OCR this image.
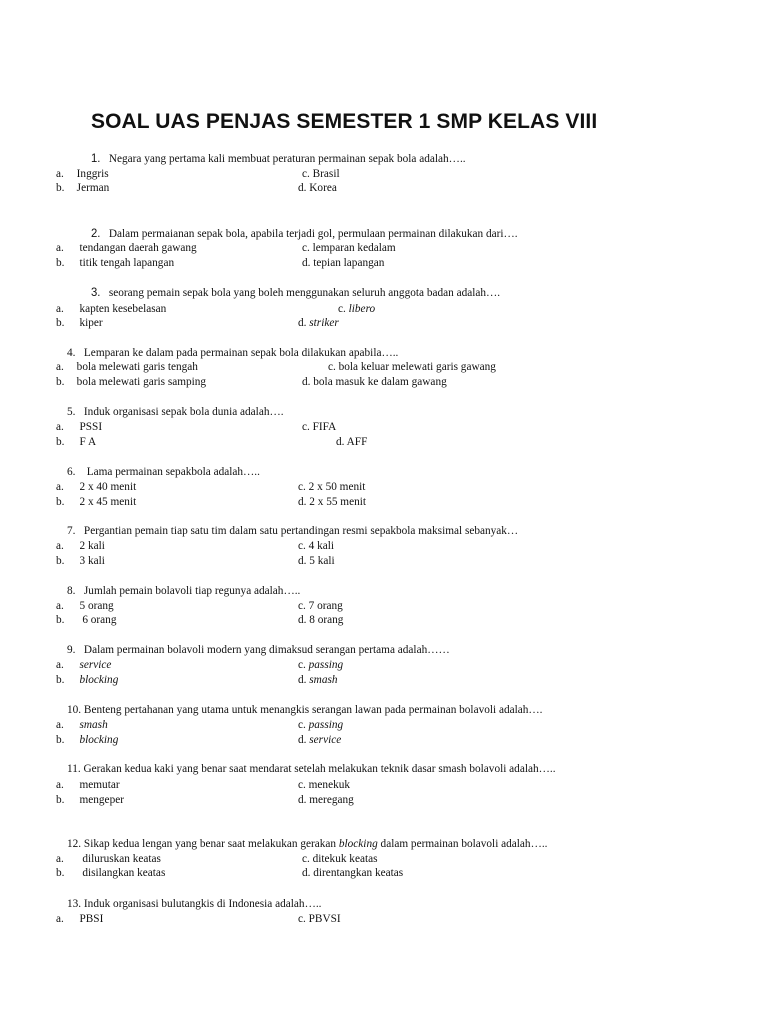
SOAL UAS PENJAS SEMESTER 1 SMP KELAS VIII
1. Negara yang pertama kali membuat peraturan permainan sepak bola adalah…..
a. Inggris	c. Brasil
b. Jerman	d. Korea
2. Dalam permaianan sepak bola, apabila terjadi gol, permulaan permainan dilakukan dari….
a. tendangan daerah gawang	c. lemparan kedalam
b. titik tengah lapangan	d. tepian lapangan
3. seorang pemain sepak bola yang boleh menggunakan seluruh anggota badan adalah….
a. kapten kesebelasan	c. libero
b. kiper	d. striker
4. Lemparan ke dalam pada permainan sepak bola dilakukan apabila…..
a. bola melewati garis tengah	c. bola keluar melewati garis gawang
b. bola melewati garis samping	d. bola masuk ke dalam gawang
5. Induk organisasi sepak bola dunia adalah….
a. PSSI	c. FIFA
b. F A	d. AFF
6. Lama permainan sepakbola adalah…..
a. 2 x 40 menit	c. 2 x 50 menit
b. 2 x 45 menit	d. 2 x 55 menit
7. Pergantian pemain tiap satu tim dalam satu pertandingan resmi sepakbola maksimal sebanyak…
a. 2 kali	c. 4 kali
b. 3 kali	d. 5 kali
8. Jumlah pemain bolavoli tiap regunya adalah…..
a. 5 orang	c. 7 orang
b.  6 orang	d. 8 orang
9. Dalam permainan bolavoli modern yang dimaksud serangan pertama adalah……
a. service	c. passing
b. blocking	d. smash
10. Benteng pertahanan yang utama untuk menangkis serangan lawan pada permainan bolavoli adalah….
a. smash	c. passing
b. blocking	d. service
11. Gerakan kedua kaki yang benar saat mendarat setelah melakukan teknik dasar smash bolavoli adalah…..
a. memutar	c. menekuk
b. mengeper	d. meregang
12. Sikap kedua lengan yang benar saat melakukan gerakan blocking dalam permainan bolavoli adalah…..
a. diluruskan keatas	c. ditekuk keatas
b. disilangkan keatas	d. direntangkan keatas
13. Induk organisasi bulutangkis di Indonesia adalah…..
a. PBSI	c. PBVSI
